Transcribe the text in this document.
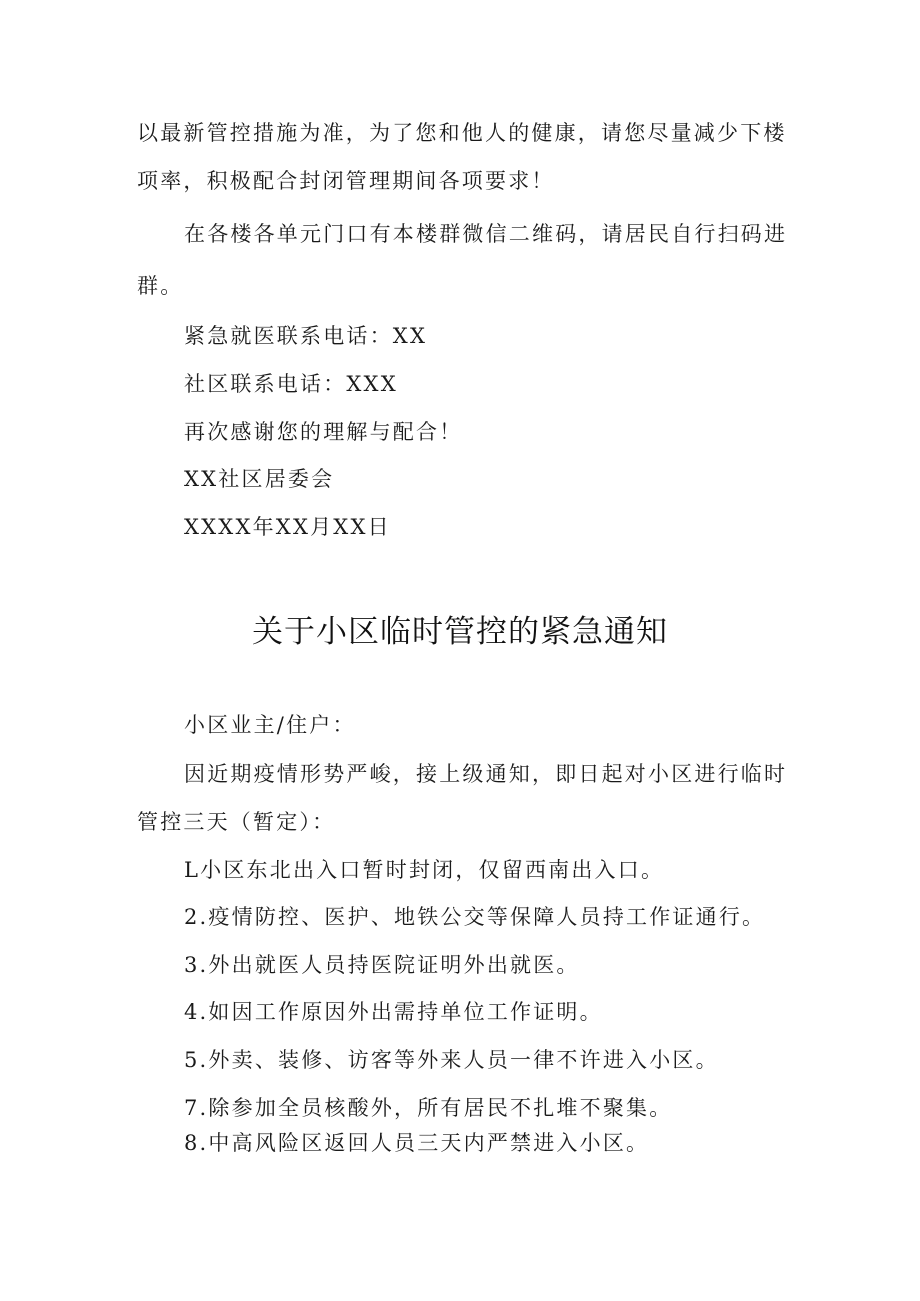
以最新管控措施为准，为了您和他人的健康，请您尽量减少下楼
项率，积极配合封闭管理期间各项要求！
在各楼各单元门口有本楼群微信二维码，请居民自行扫码进
群。
紧急就医联系电话：XX
社区联系电话：XXX
再次感谢您的理解与配合！
XX社区居委会
XXXX年XX月XX日
关于小区临时管控的紧急通知
小区业主/住户：
因近期疫情形势严峻，接上级通知，即日起对小区进行临时
管控三天（暂定）：
L小区东北出入口暂时封闭，仅留西南出入口。
2.疫情防控、医护、地铁公交等保障人员持工作证通行。
3.外出就医人员持医院证明外出就医。
4.如因工作原因外出需持单位工作证明。
5.外卖、装修、访客等外来人员一律不许进入小区。
7.除参加全员核酸外，所有居民不扎堆不聚集。
8.中高风险区返回人员三天内严禁进入小区。
